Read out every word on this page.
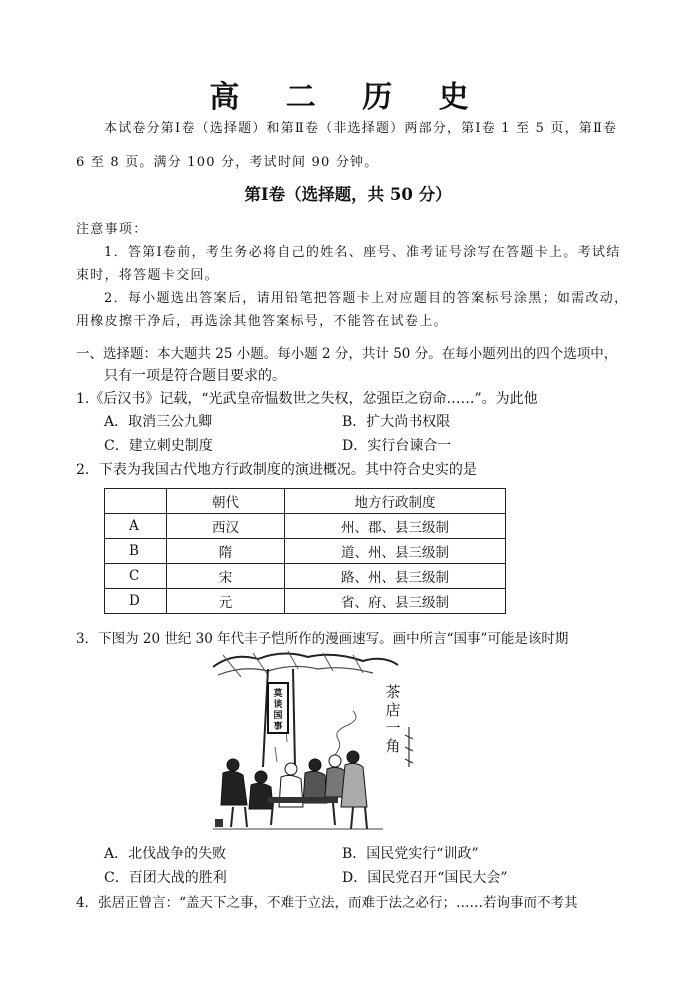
高 二 历 史
本试卷分第Ⅰ卷（选择题）和第Ⅱ卷（非选择题）两部分，第Ⅰ卷 1 至 5 页，第Ⅱ卷
6 至 8 页。满分 100 分，考试时间 90 分钟。
第Ⅰ卷（选择题，共 50 分）
注意事项：
1．答第Ⅰ卷前，考生务必将自己的姓名、座号、准考证号涂写在答题卡上。考试结
束时，将答题卡交回。
2．每小题选出答案后，请用铅笔把答题卡上对应题目的答案标号涂黑；如需改动，
用橡皮擦干净后，再选涂其他答案标号，不能答在试卷上。
一、选择题：本大题共 25 小题。每小题 2 分，共计 50 分。在每小题列出的四个选项中，
只有一项是符合题目要求的。
1.《后汉书》记载，“光武皇帝愠数世之失权，忿强臣之窃命……”。为此他
A．取消三公九卿	B．扩大尚书权限
C．建立刺史制度	D．实行台谏合一
2．下表为我国古代地方行政制度的演进概况。其中符合史实的是
	朝代	地方行政制度
A	西汉	州、郡、县三级制
B	隋	道、州、县三级制
C	宋	路、州、县三级制
D	元	省、府、县三级制
3．下图为 20 世纪 30 年代丰子恺所作的漫画速写。画中所言“国事”可能是该时期
莫
谈
国
事
茶
店
一
角
A．北伐战争的失败	B．国民党实行“训政”
C．百团大战的胜利	D．国民党召开“国民大会”
4．张居正曾言：“盖天下之事，不难于立法，而难于法之必行；……若询事而不考其
